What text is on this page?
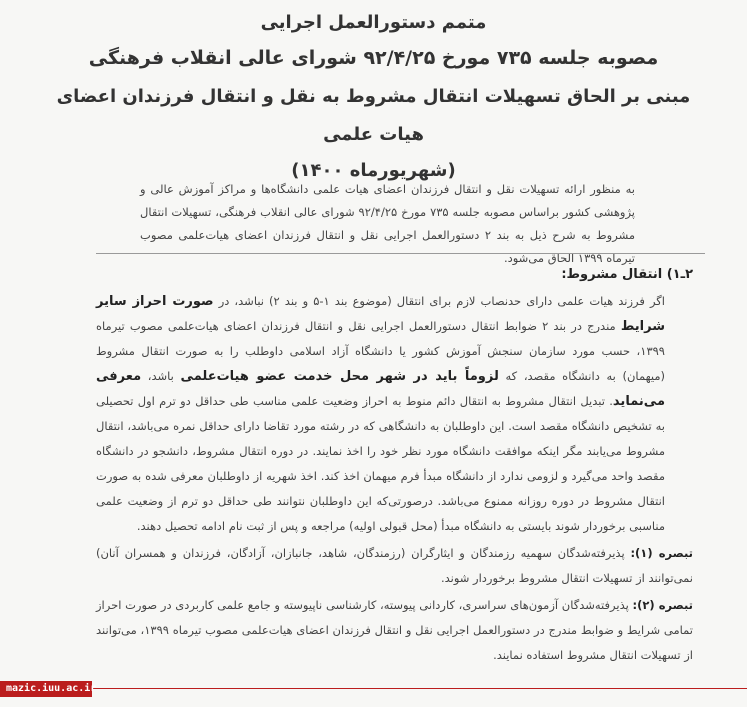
متمم دستورالعمل اجرایی
مصوبه جلسه ۷۳۵ مورخ ۹۲/۴/۲۵ شورای عالی انقلاب فرهنگی
مبنی بر الحاق تسهیلات انتقال مشروط به نقل و انتقال فرزندان اعضای هیات علمی
(شهریورماه ۱۴۰۰)
به منظور ارائه تسهیلات نقل و انتقال فرزندان اعضای هیات علمی دانشگاه‌ها و مراکز آموزش عالی و پژوهشی کشور براساس مصوبه جلسه ۷۳۵ مورخ ۹۲/۴/۲۵ شورای عالی انقلاب فرهنگی، تسهیلات انتقال مشروط به شرح ذیل به بند ۲ دستورالعمل اجرایی نقل و انتقال فرزندان اعضای هیات‌علمی مصوب تیرماه ۱۳۹۹ الحاق می‌شود.
۲ـ۱) انتقال مشروط:
اگر فرزند هیات علمی دارای حدنصاب لازم برای انتقال (موضوع بند ۱-۵ و بند ۲) نباشد، در صورت احراز سایر شرایط مندرج در بند ۲ ضوابط انتقال دستورالعمل اجرایی نقل و انتقال فرزندان اعضای هیات‌علمی مصوب تیرماه ۱۳۹۹، حسب مورد سازمان سنجش آموزش کشور یا دانشگاه آزاد اسلامی داوطلب را به صورت انتقال مشروط (میهمان) به دانشگاه مقصد، که لزوماً باید در شهر محل خدمت عضو هیات‌علمی باشد، معرفی می‌نماید. تبدیل انتقال مشروط به انتقال دائم منوط به احراز وضعیت علمی مناسب طی حداقل دو ترم اول تحصیلی به تشخیص دانشگاه مقصد است. این داوطلبان به دانشگاهی که در رشته مورد تقاضا دارای حداقل نمره می‌باشد، انتقال مشروط می‌یابند مگر اینکه موافقت دانشگاه مورد نظر خود را اخذ نمایند. در دوره انتقال مشروط، دانشجو در دانشگاه مقصد واحد می‌گیرد و لزومی ندارد از دانشگاه مبدأ فرم میهمان اخذ کند. اخذ شهریه از داوطلبان معرفی شده به صورت انتقال مشروط در دوره روزانه ممنوع می‌باشد. درصورتی‌که این داوطلبان نتوانند طی حداقل دو ترم از وضعیت علمی مناسبی برخوردار شوند بایستی به دانشگاه مبدأ (محل قبولی اولیه) مراجعه و پس از ثبت نام ادامه تحصیل دهند.
تبصره (۱): پذیرفته‌شدگان سهمیه رزمندگان و ایثارگران (رزمندگان، شاهد، جانبازان، آزادگان، فرزندان و همسران آنان) نمی‌توانند از تسهیلات انتقال مشروط برخوردار شوند.
تبصره (۲): پذیرفته‌شدگان آزمون‌های سراسری، کاردانی پیوسته، کارشناسی ناپیوسته و جامع علمی کاربردی در صورت احراز تمامی شرایط و ضوابط مندرج در دستورالعمل اجرایی نقل و انتقال فرزندان اعضای هیات‌علمی مصوب تیرماه ۱۳۹۹، می‌توانند از تسهیلات انتقال مشروط استفاده نمایند.
mazic.iuu.ac.ir
